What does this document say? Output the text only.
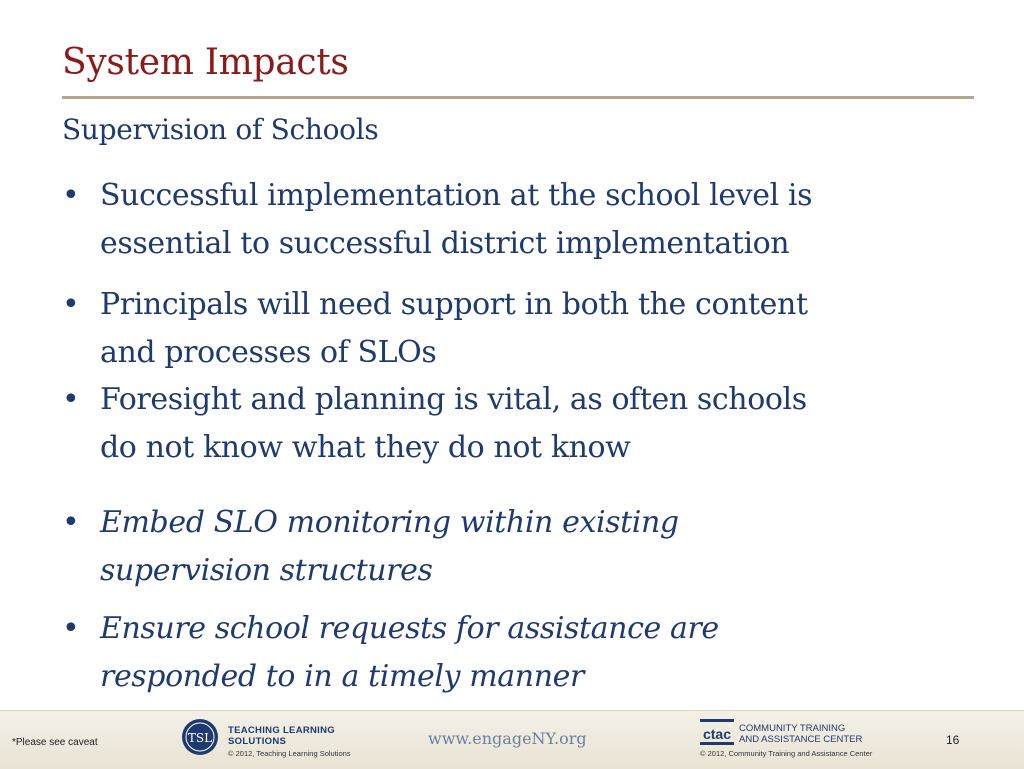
System Impacts
Supervision of Schools
• Successful implementation at the school level is
essential to successful district implementation
• Principals will need support in both the content
and processes of SLOs
• Foresight and planning is vital, as often schools
do not know what they do not know
• Embed SLO monitoring within existing
supervision structures
• Ensure school requests for assistance are
responded to in a timely manner
*Please see caveat	TSL
TEACHING LEARNING
SOLUTIONS
© 2012, Teaching Learning Solutions
www.engageNY.org	ctac COMMUNITY TRAINING
AND ASSISTANCE CENTER
© 2012, Community Training and Assistance Center
16
